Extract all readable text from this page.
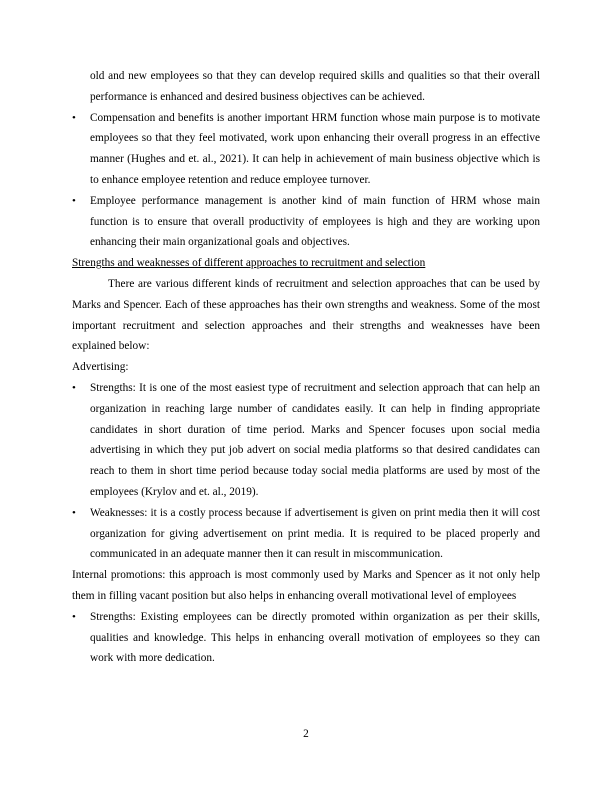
old and new employees so that they can develop required skills and qualities so that their overall performance is enhanced and desired business objectives can be achieved.

• Compensation and benefits is another important HRM function whose main purpose is to motivate employees so that they feel motivated, work upon enhancing their overall progress in an effective manner (Hughes and et. al., 2021). It can help in achievement of main business objective which is to enhance employee retention and reduce employee turnover.
• Employee performance management is another kind of main function of HRM whose main function is to ensure that overall productivity of employees is high and they are working upon enhancing their main organizational goals and objectives.

Strengths and weaknesses of different approaches to recruitment and selection

There are various different kinds of recruitment and selection approaches that can be used by Marks and Spencer. Each of these approaches has their own strengths and weakness. Some of the most important recruitment and selection approaches and their strengths and weaknesses have been explained below:

Advertising:

• Strengths: It is one of the most easiest type of recruitment and selection approach that can help an organization in reaching large number of candidates easily. It can help in finding appropriate candidates in short duration of time period. Marks and Spencer focuses upon social media advertising in which they put job advert on social media platforms so that desired candidates can reach to them in short time period because today social media platforms are used by most of the employees (Krylov and et. al., 2019).
• Weaknesses: it is a costly process because if advertisement is given on print media then it will cost organization for giving advertisement on print media. It is required to be placed properly and communicated in an adequate manner then it can result in miscommunication.

Internal promotions: this approach is most commonly used by Marks and Spencer as it not only help them in filling vacant position but also helps in enhancing overall motivational level of employees

• Strengths: Existing employees can be directly promoted within organization as per their skills, qualities and knowledge. This helps in enhancing overall motivation of employees so they can work with more dedication.
2
